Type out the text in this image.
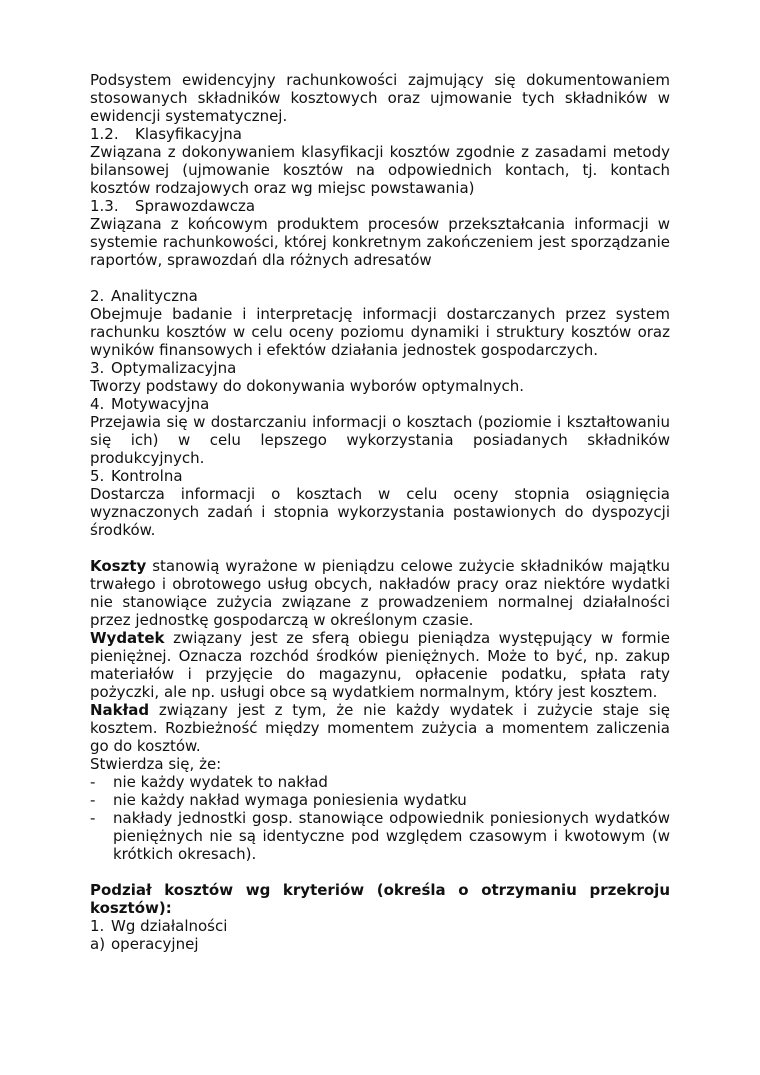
Podsystem ewidencyjny rachunkowości zajmujący się dokumentowaniem stosowanych składników kosztowych oraz ujmowanie tych składników w ewidencji systematycznej.

1.2.	Klasyfikacyjna

Związana z dokonywaniem klasyfikacji kosztów zgodnie z zasadami metody bilansowej (ujmowanie kosztów na odpowiednich kontach, tj. kontach kosztów rodzajowych oraz wg miejsc powstawania)

1.3.	Sprawozdawcza

Związana z końcowym produktem procesów przekształcania informacji w systemie rachunkowości, której konkretnym zakończeniem jest sporządzanie raportów, sprawozdań dla różnych adresatów

2. Analityczna

Obejmuje badanie i interpretację informacji dostarczanych przez system rachunku kosztów w celu oceny poziomu dynamiki i struktury kosztów oraz wyników finansowych i efektów działania jednostek gospodarczych.

3. Optymalizacyjna

Tworzy podstawy do dokonywania wyborów optymalnych.

4. Motywacyjna

Przejawia się w dostarczaniu informacji o kosztach (poziomie i kształtowaniu się ich) w celu lepszego wykorzystania posiadanych składników produkcyjnych.

5. Kontrolna

Dostarcza informacji o kosztach w celu oceny stopnia osiągnięcia wyznaczonych zadań i stopnia wykorzystania postawionych do dyspozycji środków.

Koszty stanowią wyrażone w pieniądzu celowe zużycie składników majątku trwałego i obrotowego usług obcych, nakładów pracy oraz niektóre wydatki nie stanowiące zużycia związane z prowadzeniem normalnej działalności przez jednostkę gospodarczą w określonym czasie.

Wydatek związany jest ze sferą obiegu pieniądza występujący w formie pieniężnej. Oznacza rozchód środków pieniężnych. Może to być, np. zakup materiałów i przyjęcie do magazynu, opłacenie podatku, spłata raty pożyczki, ale np. usługi obce są wydatkiem normalnym, który jest kosztem.

Nakład związany jest z tym, że nie każdy wydatek i zużycie staje się kosztem. Rozbieżność między momentem zużycia a momentem zaliczenia go do kosztów.

Stwierdza się, że:

-	nie każdy wydatek to nakład
-	nie każdy nakład wymaga poniesienia wydatku
-	nakłady jednostki gosp. stanowiące odpowiednik poniesionych wydatków pieniężnych nie są identyczne pod względem czasowym i kwotowym (w krótkich okresach).

Podział kosztów wg kryteriów (określa o otrzymaniu przekroju kosztów):

1. Wg działalności
a) operacyjnej
